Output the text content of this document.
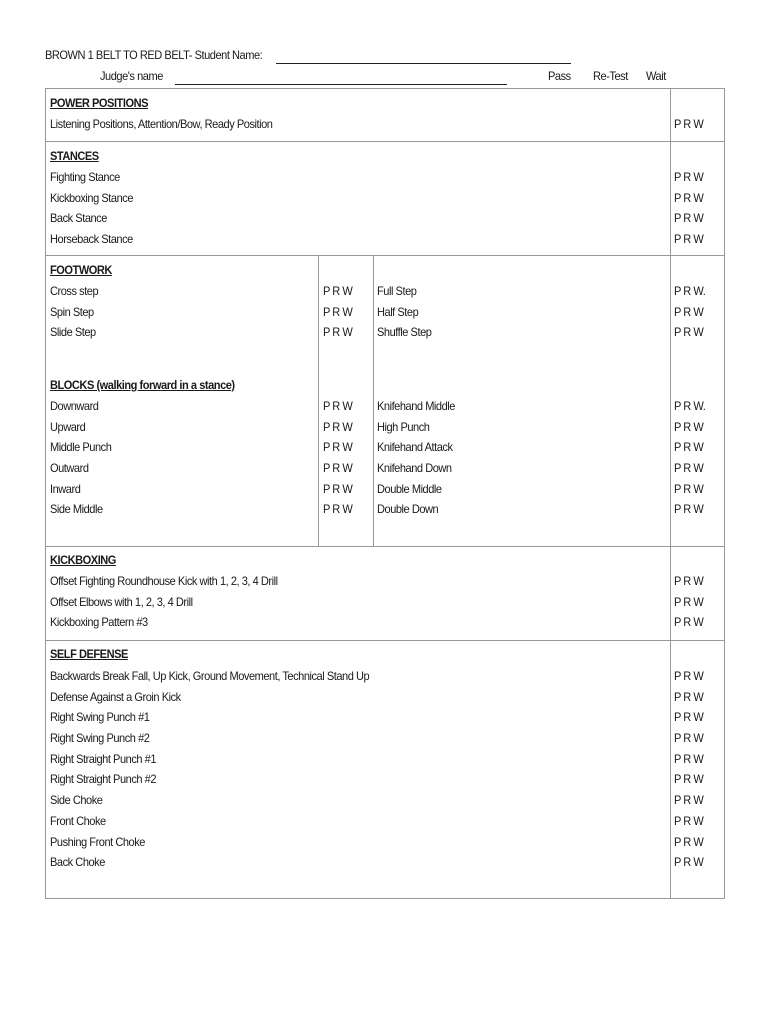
BROWN 1 BELT TO RED BELT- Student Name:
Judge's name	Pass Re-Test Wait
POWER POSITIONS
Listening Positions, Attention/Bow, Ready Position	P R W
STANCES
Fighting Stance
Kickboxing Stance
Back Stance
Horseback Stance
P R W
P R W
P R W
P R W
FOOTWORK
Cross step
Spin Step
Slide Step
P R W
P R W
P R W
Full Step
Half Step
Shuffle Step
P R W.
P R W
P R W
BLOCKS (walking forward in a stance)
Downward
Upward
Middle Punch
Outward
Inward
Side Middle
P R W
P R W
P R W
P R W
P R W
P R W
Knifehand Middle
High Punch
Knifehand Attack
Knifehand Down
Double Middle
Double Down
P R W.
P R W
P R W
P R W
P R W
P R W
KICKBOXING
Offset Fighting Roundhouse Kick with 1, 2, 3, 4 Drill
Offset Elbows with 1, 2, 3, 4 Drill
Kickboxing Pattern #3
P R W
P R W
P R W
SELF DEFENSE
Backwards Break Fall, Up Kick, Ground Movement, Technical Stand Up
Defense Against a Groin Kick
Right Swing Punch #1
Right Swing Punch #2
Right Straight Punch #1
Right Straight Punch #2
Side Choke
Front Choke
Pushing Front Choke
Back Choke
P R W
P R W
P R W
P R W
P R W
P R W
P R W
P R W
P R W
P R W
